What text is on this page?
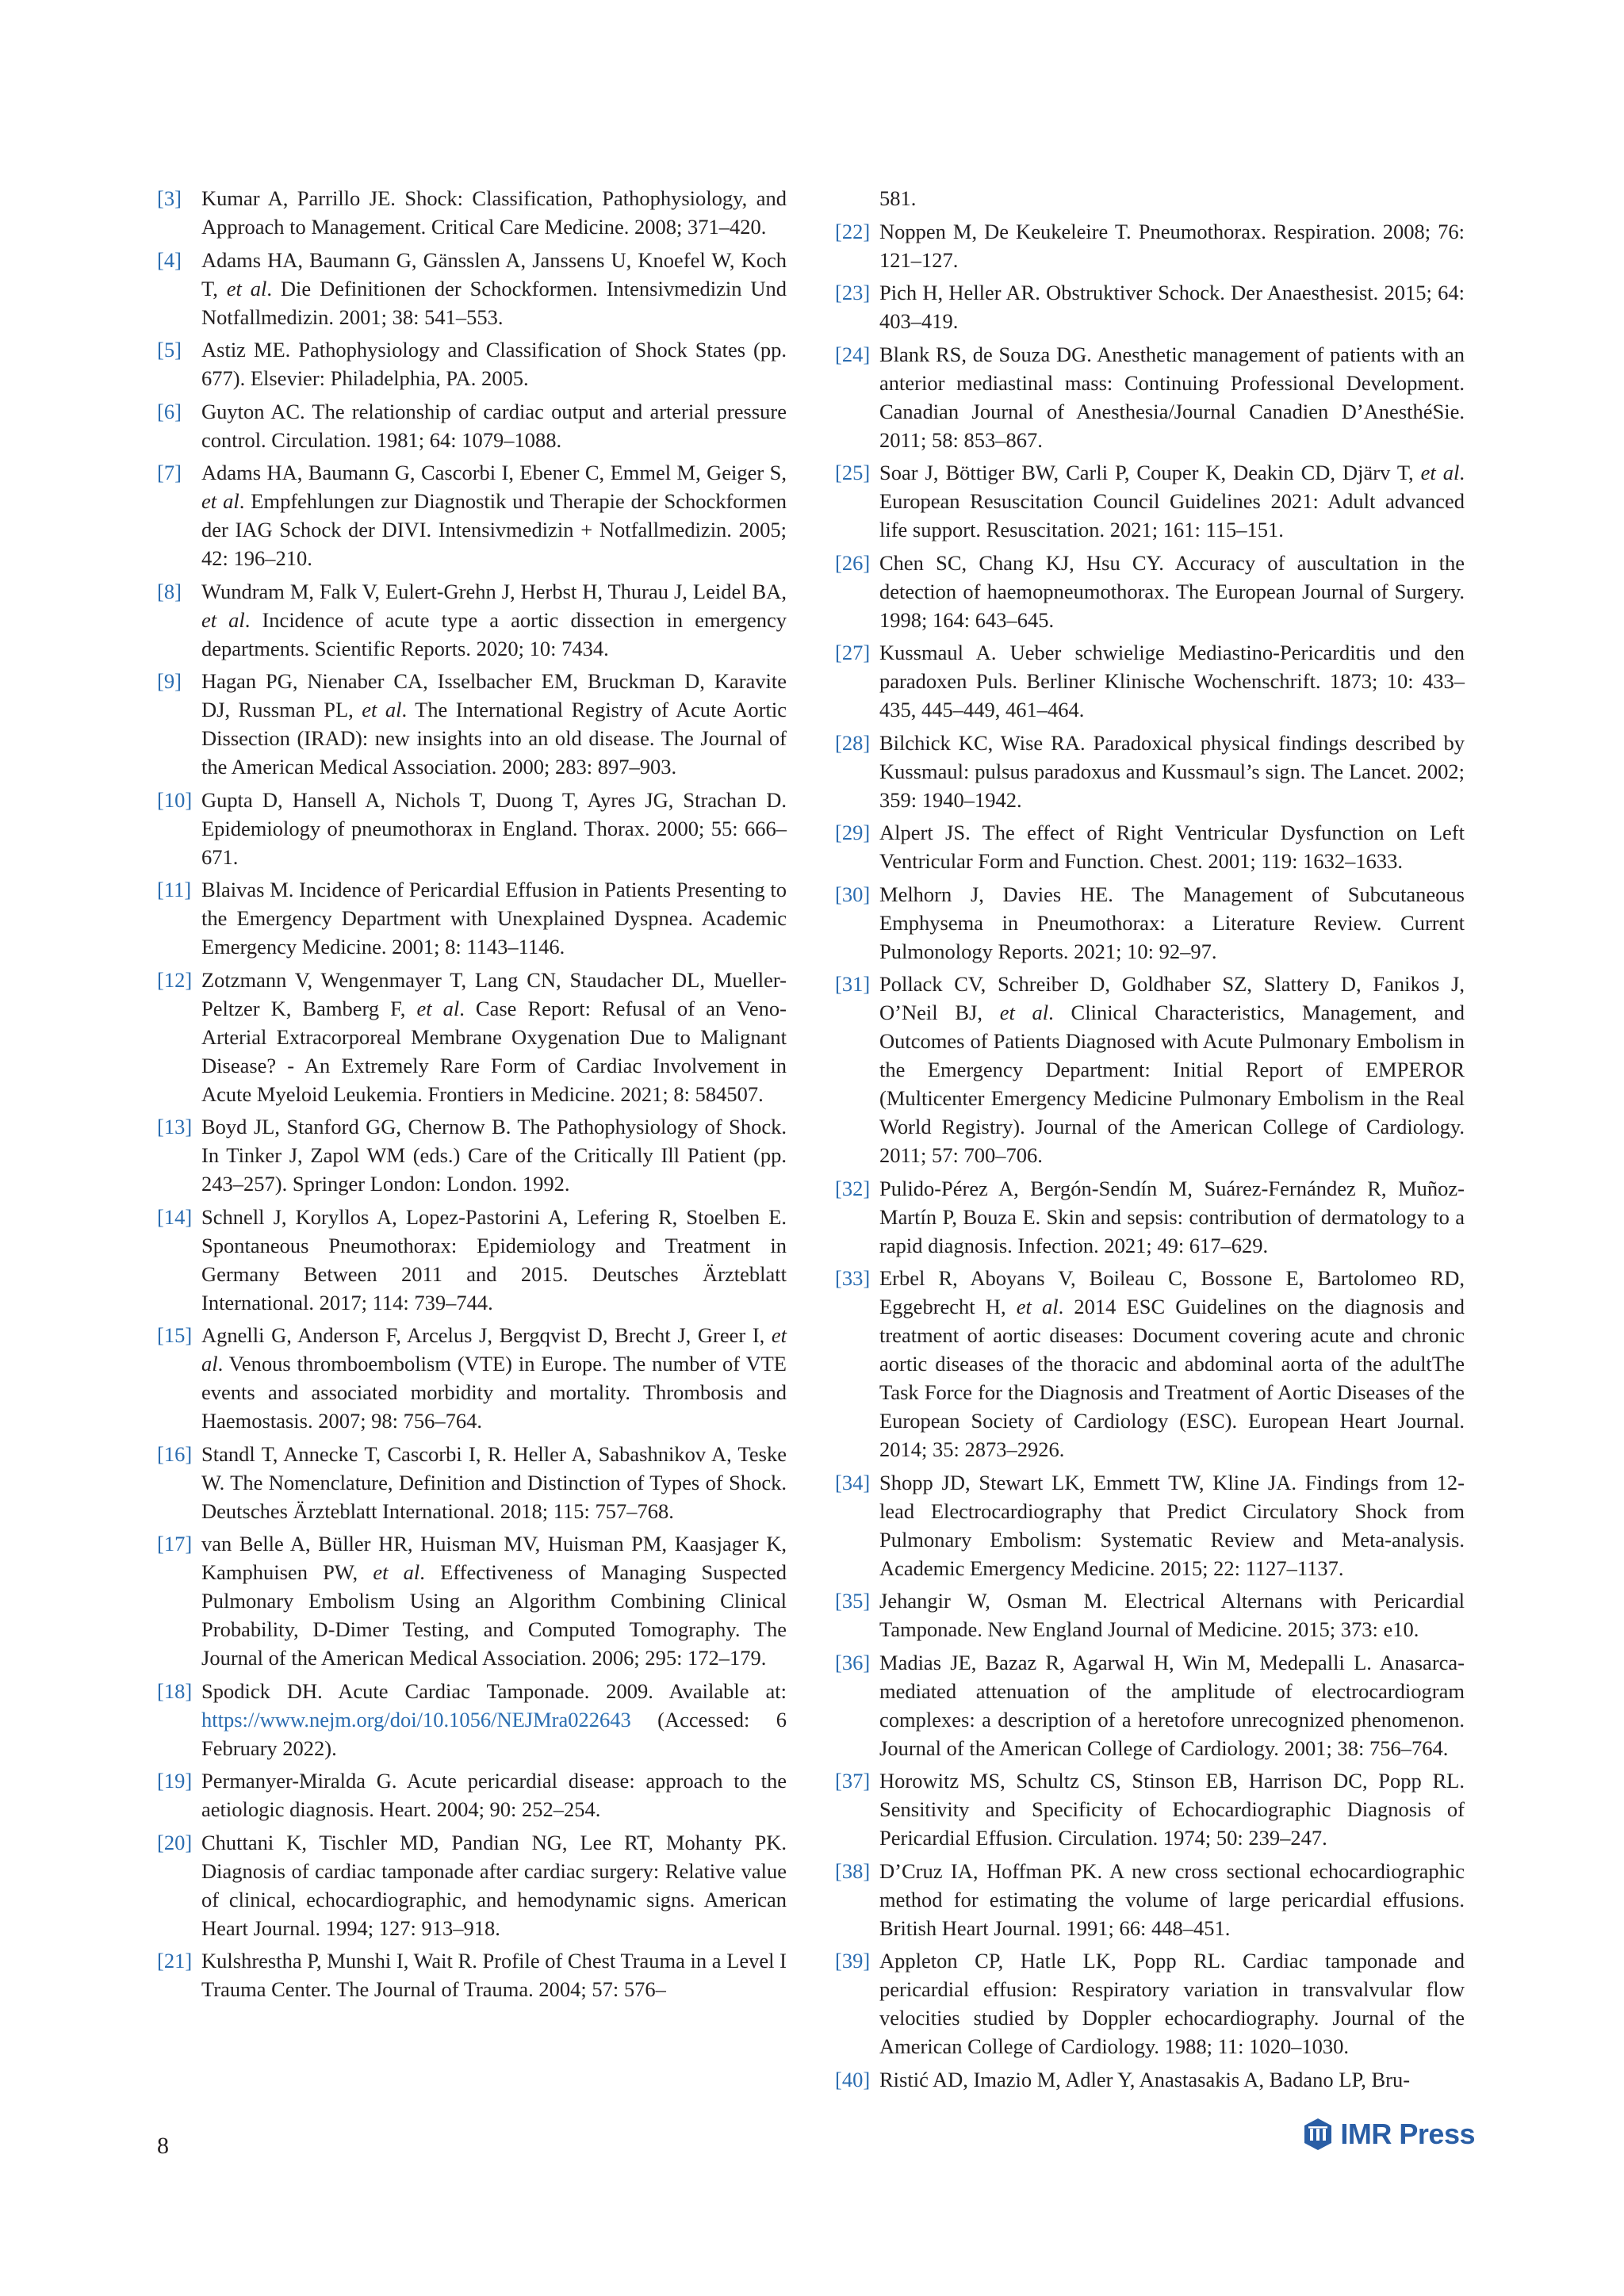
[3] Kumar A, Parrillo JE. Shock: Classification, Pathophysiology, and Approach to Management. Critical Care Medicine. 2008; 371–420.
[4] Adams HA, Baumann G, Gänsslen A, Janssens U, Knoefel W, Koch T, et al. Die Definitionen der Schockformen. Intensivmedizin Und Notfallmedizin. 2001; 38: 541–553.
[5] Astiz ME. Pathophysiology and Classification of Shock States (pp. 677). Elsevier: Philadelphia, PA. 2005.
[6] Guyton AC. The relationship of cardiac output and arterial pressure control. Circulation. 1981; 64: 1079–1088.
[7] Adams HA, Baumann G, Cascorbi I, Ebener C, Emmel M, Geiger S, et al. Empfehlungen zur Diagnostik und Therapie der Schockformen der IAG Schock der DIVI. Intensivmedizin + Notfallmedizin. 2005; 42: 196–210.
[8] Wundram M, Falk V, Eulert-Grehn J, Herbst H, Thurau J, Leidel BA, et al. Incidence of acute type a aortic dissection in emergency departments. Scientific Reports. 2020; 10: 7434.
[9] Hagan PG, Nienaber CA, Isselbacher EM, Bruckman D, Karavite DJ, Russman PL, et al. The International Registry of Acute Aortic Dissection (IRAD): new insights into an old disease. The Journal of the American Medical Association. 2000; 283: 897–903.
[10] Gupta D, Hansell A, Nichols T, Duong T, Ayres JG, Strachan D. Epidemiology of pneumothorax in England. Thorax. 2000; 55: 666–671.
[11] Blaivas M. Incidence of Pericardial Effusion in Patients Presenting to the Emergency Department with Unexplained Dyspnea. Academic Emergency Medicine. 2001; 8: 1143–1146.
[12] Zotzmann V, Wengenmayer T, Lang CN, Staudacher DL, Mueller-Peltzer K, Bamberg F, et al. Case Report: Refusal of an Veno-Arterial Extracorporeal Membrane Oxygenation Due to Malignant Disease? - An Extremely Rare Form of Cardiac Involvement in Acute Myeloid Leukemia. Frontiers in Medicine. 2021; 8: 584507.
[13] Boyd JL, Stanford GG, Chernow B. The Pathophysiology of Shock. In Tinker J, Zapol WM (eds.) Care of the Critically Ill Patient (pp. 243–257). Springer London: London. 1992.
[14] Schnell J, Koryllos A, Lopez-Pastorini A, Lefering R, Stoelben E. Spontaneous Pneumothorax: Epidemiology and Treatment in Germany Between 2011 and 2015. Deutsches Ärzteblatt International. 2017; 114: 739–744.
[15] Agnelli G, Anderson F, Arcelus J, Bergqvist D, Brecht J, Greer I, et al. Venous thromboembolism (VTE) in Europe. The number of VTE events and associated morbidity and mortality. Thrombosis and Haemostasis. 2007; 98: 756–764.
[16] Standl T, Annecke T, Cascorbi I, R. Heller A, Sabashnikov A, Teske W. The Nomenclature, Definition and Distinction of Types of Shock. Deutsches Ärzteblatt International. 2018; 115: 757–768.
[17] van Belle A, Büller HR, Huisman MV, Huisman PM, Kaasjager K, Kamphuisen PW, et al. Effectiveness of Managing Suspected Pulmonary Embolism Using an Algorithm Combining Clinical Probability, D-Dimer Testing, and Computed Tomography. The Journal of the American Medical Association. 2006; 295: 172–179.
[18] Spodick DH. Acute Cardiac Tamponade. 2009. Available at: https://www.nejm.org/doi/10.1056/NEJMra022643 (Accessed: 6 February 2022).
[19] Permanyer-Miralda G. Acute pericardial disease: approach to the aetiologic diagnosis. Heart. 2004; 90: 252–254.
[20] Chuttani K, Tischler MD, Pandian NG, Lee RT, Mohanty PK. Diagnosis of cardiac tamponade after cardiac surgery: Relative value of clinical, echocardiographic, and hemodynamic signs. American Heart Journal. 1994; 127: 913–918.
[21] Kulshrestha P, Munshi I, Wait R. Profile of Chest Trauma in a Level I Trauma Center. The Journal of Trauma. 2004; 57: 576–
581.
[22] Noppen M, De Keukeleire T. Pneumothorax. Respiration. 2008; 76: 121–127.
[23] Pich H, Heller AR. Obstruktiver Schock. Der Anaesthesist. 2015; 64: 403–419.
[24] Blank RS, de Souza DG. Anesthetic management of patients with an anterior mediastinal mass: Continuing Professional Development. Canadian Journal of Anesthesia/Journal Canadien D’AnesthéSie. 2011; 58: 853–867.
[25] Soar J, Böttiger BW, Carli P, Couper K, Deakin CD, Djärv T, et al. European Resuscitation Council Guidelines 2021: Adult advanced life support. Resuscitation. 2021; 161: 115–151.
[26] Chen SC, Chang KJ, Hsu CY. Accuracy of auscultation in the detection of haemopneumothorax. The European Journal of Surgery. 1998; 164: 643–645.
[27] Kussmaul A. Ueber schwielige Mediastino-Pericarditis und den paradoxen Puls. Berliner Klinische Wochenschrift. 1873; 10: 433–435, 445–449, 461–464.
[28] Bilchick KC, Wise RA. Paradoxical physical findings described by Kussmaul: pulsus paradoxus and Kussmaul’s sign. The Lancet. 2002; 359: 1940–1942.
[29] Alpert JS. The effect of Right Ventricular Dysfunction on Left Ventricular Form and Function. Chest. 2001; 119: 1632–1633.
[30] Melhorn J, Davies HE. The Management of Subcutaneous Emphysema in Pneumothorax: a Literature Review. Current Pulmonology Reports. 2021; 10: 92–97.
[31] Pollack CV, Schreiber D, Goldhaber SZ, Slattery D, Fanikos J, O’Neil BJ, et al. Clinical Characteristics, Management, and Outcomes of Patients Diagnosed with Acute Pulmonary Embolism in the Emergency Department: Initial Report of EMPEROR (Multicenter Emergency Medicine Pulmonary Embolism in the Real World Registry). Journal of the American College of Cardiology. 2011; 57: 700–706.
[32] Pulido-Pérez A, Bergón-Sendín M, Suárez-Fernández R, Muñoz-Martín P, Bouza E. Skin and sepsis: contribution of dermatology to a rapid diagnosis. Infection. 2021; 49: 617–629.
[33] Erbel R, Aboyans V, Boileau C, Bossone E, Bartolomeo RD, Eggebrecht H, et al. 2014 ESC Guidelines on the diagnosis and treatment of aortic diseases: Document covering acute and chronic aortic diseases of the thoracic and abdominal aorta of the adultThe Task Force for the Diagnosis and Treatment of Aortic Diseases of the European Society of Cardiology (ESC). European Heart Journal. 2014; 35: 2873–2926.
[34] Shopp JD, Stewart LK, Emmett TW, Kline JA. Findings from 12-lead Electrocardiography that Predict Circulatory Shock from Pulmonary Embolism: Systematic Review and Meta-analysis. Academic Emergency Medicine. 2015; 22: 1127–1137.
[35] Jehangir W, Osman M. Electrical Alternans with Pericardial Tamponade. New England Journal of Medicine. 2015; 373: e10.
[36] Madias JE, Bazaz R, Agarwal H, Win M, Medepalli L. Anasarca-mediated attenuation of the amplitude of electrocardiogram complexes: a description of a heretofore unrecognized phenomenon. Journal of the American College of Cardiology. 2001; 38: 756–764.
[37] Horowitz MS, Schultz CS, Stinson EB, Harrison DC, Popp RL. Sensitivity and Specificity of Echocardiographic Diagnosis of Pericardial Effusion. Circulation. 1974; 50: 239–247.
[38] D’Cruz IA, Hoffman PK. A new cross sectional echocardiographic method for estimating the volume of large pericardial effusions. British Heart Journal. 1991; 66: 448–451.
[39] Appleton CP, Hatle LK, Popp RL. Cardiac tamponade and pericardial effusion: Respiratory variation in transvalvular flow velocities studied by Doppler echocardiography. Journal of the American College of Cardiology. 1988; 11: 1020–1030.
[40] Ristić AD, Imazio M, Adler Y, Anastasakis A, Badano LP, Bru-
8	IMR Press
